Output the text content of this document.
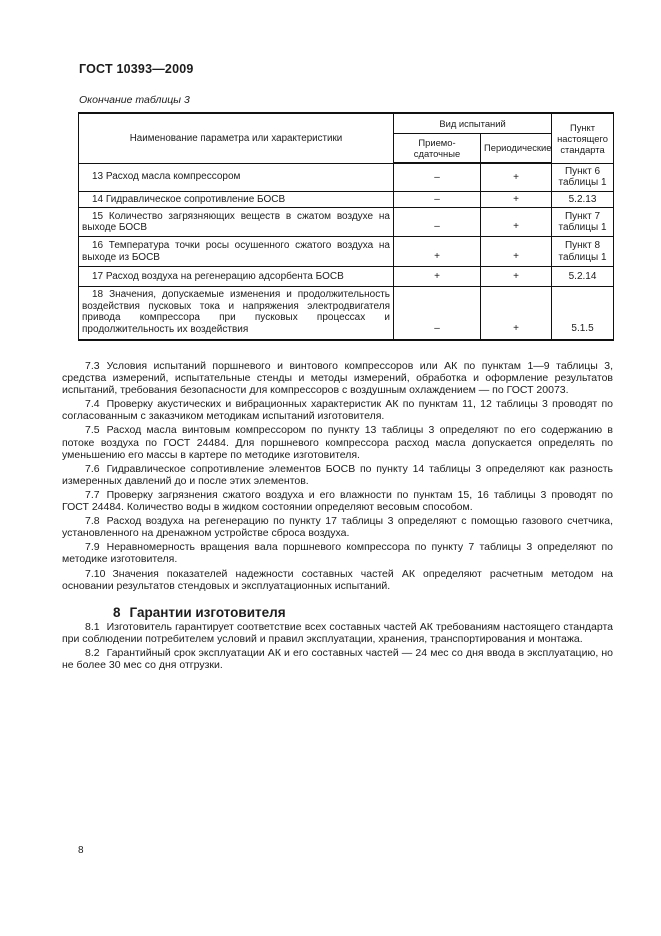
ГОСТ 10393—2009
Окончание таблицы 3
Наименование параметра или характеристики	Вид испытаний		Пункт настоящего стандарта
	Приемо-сдаточные	Периодические	
13 Расход масла компрессором	–	+	Пункт 6 таблицы 1
14 Гидравлическое сопротивление БОСВ	–	+	5.2.13
15 Количество загрязняющих веществ в сжатом воздухе на выходе БОСВ	–	+	Пункт 7 таблицы 1
16 Температура точки росы осушенного сжатого воздуха на выходе из БОСВ	+	+	Пункт 8 таблицы 1
17 Расход воздуха на регенерацию адсорбента БОСВ	+	+	5.2.14
18 Значения, допускаемые изменения и продолжительность воздействия пусковых тока и напряжения электродвигателя привода компрессора при пусковых процессах и продолжительность их воздействия	–	+	5.1.5

7.3 Условия испытаний поршневого и винтового компрессоров или АК по пунктам 1—9 таблицы 3, средства измерений, испытательные стенды и методы измерений, обработка и оформление результатов испытаний, требования безопасности для компрессоров с воздушным охлаждением — по ГОСТ 20073.

7.4 Проверку акустических и вибрационных характеристик АК по пунктам 11, 12 таблицы 3 проводят по согласованным с заказчиком методикам испытаний изготовителя.

7.5 Расход масла винтовым компрессором по пункту 13 таблицы 3 определяют по его содержанию в потоке воздуха по ГОСТ 24484. Для поршневого компрессора расход масла допускается определять по уменьшению его массы в картере по методике изготовителя.

7.6 Гидравлическое сопротивление элементов БОСВ по пункту 14 таблицы 3 определяют как разность измеренных давлений до и после этих элементов.

7.7 Проверку загрязнения сжатого воздуха и его влажности по пунктам 15, 16 таблицы 3 проводят по ГОСТ 24484. Количество воды в жидком состоянии определяют весовым способом.

7.8 Расход воздуха на регенерацию по пункту 17 таблицы 3 определяют с помощью газового счетчика, установленного на дренажном устройстве сброса воздуха.

7.9 Неравномерность вращения вала поршневого компрессора по пункту 7 таблицы 3 определяют по методике изготовителя.

7.10 Значения показателей надежности составных частей АК определяют расчетным методом на основании результатов стендовых и эксплуатационных испытаний.

8 Гарантии изготовителя

8.1 Изготовитель гарантирует соответствие всех составных частей АК требованиям настоящего стандарта при соблюдении потребителем условий и правил эксплуатации, хранения, транспортирования и монтажа.

8.2 Гарантийный срок эксплуатации АК и его составных частей — 24 мес со дня ввода в эксплуатацию, но не более 30 мес со дня отгрузки.

8
